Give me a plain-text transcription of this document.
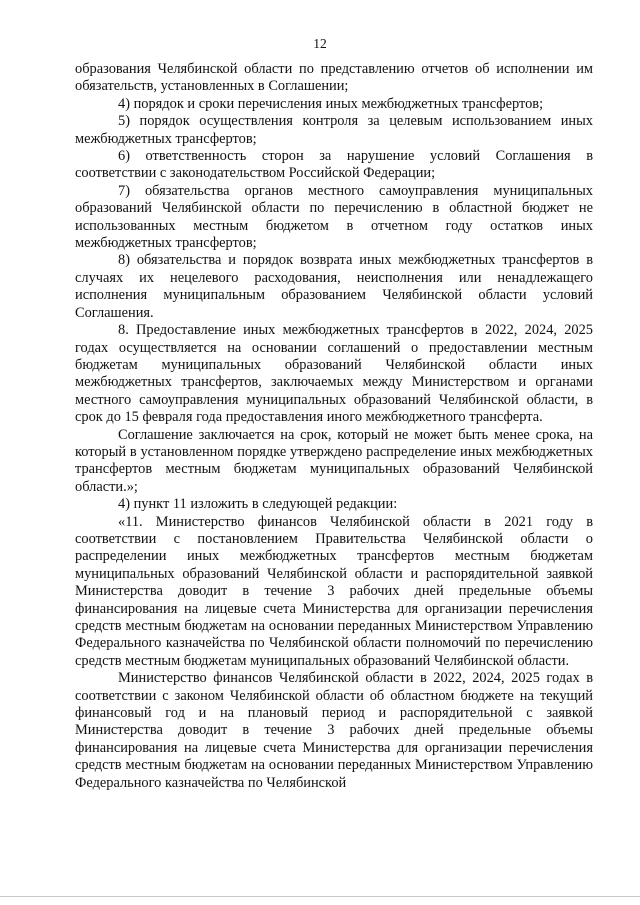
12

образования Челябинской области по представлению отчетов об исполнении им обязательств, установленных в Соглашении;

4) порядок и сроки перечисления иных межбюджетных трансфертов;

5) порядок осуществления контроля за целевым использованием иных межбюджетных трансфертов;

6) ответственность сторон за нарушение условий Соглашения в соответствии с законодательством Российской Федерации;

7) обязательства органов местного самоуправления муниципальных образований Челябинской области по перечислению в областной бюджет не использованных местным бюджетом в отчетном году остатков иных межбюджетных трансфертов;

8) обязательства и порядок возврата иных межбюджетных трансфертов в случаях их нецелевого расходования, неисполнения или ненадлежащего исполнения муниципальным образованием Челябинской области условий Соглашения.

8. Предоставление иных межбюджетных трансфертов в 2022, 2024, 2025 годах осуществляется на основании соглашений о предоставлении местным бюджетам муниципальных образований Челябинской области иных межбюджетных трансфертов, заключаемых между Министерством и органами местного самоуправления муниципальных образований Челябинской области, в срок до 15 февраля года предоставления иного межбюджетного трансферта.

Соглашение заключается на срок, который не может быть менее срока, на который в установленном порядке утверждено распределение иных межбюджетных трансфертов местным бюджетам муниципальных образований Челябинской области.»;

4) пункт 11 изложить в следующей редакции:

«11. Министерство финансов Челябинской области в 2021 году в соответствии с постановлением Правительства Челябинской области о распределении иных межбюджетных трансфертов местным бюджетам муниципальных образований Челябинской области и распорядительной заявкой Министерства доводит в течение 3 рабочих дней предельные объемы финансирования на лицевые счета Министерства для организации перечисления средств местным бюджетам на основании переданных Министерством Управлению Федерального казначейства по Челябинской области полномочий по перечислению средств местным бюджетам муниципальных образований Челябинской области.

Министерство финансов Челябинской области в 2022, 2024, 2025 годах в соответствии с законом Челябинской области об областном бюджете на текущий финансовый год и на плановый период и распорядительной с заявкой Министерства доводит в течение 3 рабочих дней предельные объемы финансирования на лицевые счета Министерства для организации перечисления средств местным бюджетам на основании переданных Министерством Управлению Федерального казначейства по Челябинской
